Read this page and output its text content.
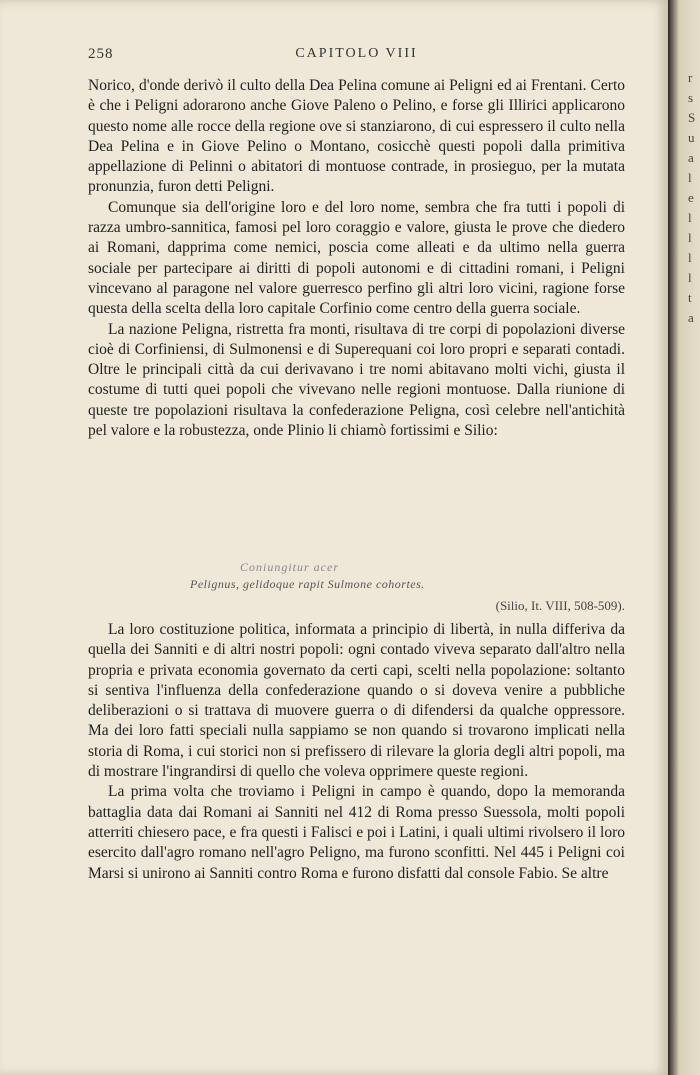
258	CAPITOLO VIII

Norico, d'onde derivò il culto della Dea Pelina comune ai Peligni ed ai Frentani. Certo è che i Peligni adorarono anche Giove Paleno o Pelino, e forse gli Illirici applicarono questo nome alle rocce della regione ove si stanziarono, di cui espressero il culto nella Dea Pelina e in Giove Pelino o Montano, cosicchè questi popoli dalla primitiva appellazione di Pelinni o abitatori di montuose contrade, in prosieguo, per la mutata pronunzia, furon detti Peligni.

Comunque sia dell'origine loro e del loro nome, sembra che fra tutti i popoli di razza umbro-sannitica, famosi pel loro coraggio e valore, giusta le prove che diedero ai Romani, dapprima come nemici, poscia come alleati e da ultimo nella guerra sociale per partecipare ai diritti di popoli autonomi e di cittadini romani, i Peligni vincevano al paragone nel valore guerresco perfino gli altri loro vicini, ragione forse questa della scelta della loro capitale Corfinio come centro della guerra sociale.

La nazione Peligna, ristretta fra monti, risultava di tre corpi di popolazioni diverse cioè di Corfiniensi, di Sulmonensi e di Superequani coi loro propri e separati contadi. Oltre le principali città da cui derivavano i tre nomi abitavano molti vichi, giusta il costume di tutti quei popoli che vivevano nelle regioni montuose. Dalla riunione di queste tre popolazioni risultava la confederazione Peligna, così celebre nell'antichità pel valore e la robustezza, onde Plinio li chiamò fortissimi e Silio:

Coniungitur acer
Pelignus, gelidoque rapit Sulmone cohortes.
(Silio, It. VIII, 508-509).

La loro costituzione politica, informata a principio di libertà, in nulla differiva da quella dei Sanniti e di altri nostri popoli: ogni contado viveva separato dall'altro nella propria e privata economia governato da certi capi, scelti nella popolazione: soltanto si sentiva l'influenza della confederazione quando o si doveva venire a pubbliche deliberazioni o si trattava di muovere guerra o di difendersi da qualche oppressore. Ma dei loro fatti speciali nulla sappiamo se non quando si trovarono implicati nella storia di Roma, i cui storici non si prefissero di rilevare la gloria degli altri popoli, ma di mostrare l'ingrandirsi di quello che voleva opprimere queste regioni.

La prima volta che troviamo i Peligni in campo è quando, dopo la memoranda battaglia data dai Romani ai Sanniti nel 412 di Roma presso Suessola, molti popoli atterriti chiesero pace, e fra questi i Falisci e poi i Latini, i quali ultimi rivolsero il loro esercito dall'agro romano nell'agro Peligno, ma furono sconfitti. Nel 445 i Peligni coi Marsi si unirono ai Sanniti contro Roma e furono disfatti dal console Fabio. Se altre

r
s
S
u
a
l
e
l
l
l
l
t
a
